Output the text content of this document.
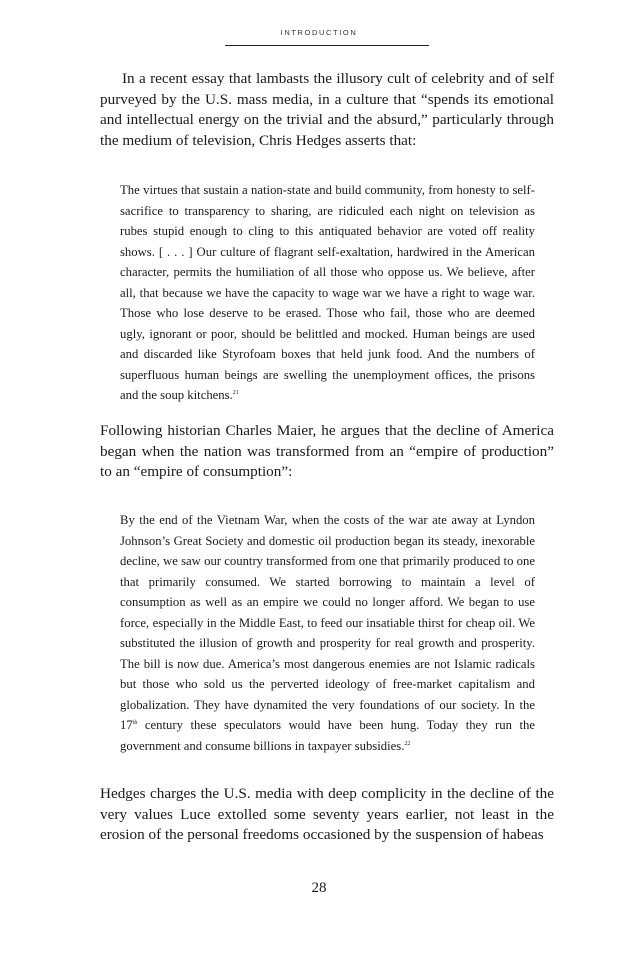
INTRODUCTION

In a recent essay that lambasts the illusory cult of celebrity and of self purveyed by the U.S. mass media, in a culture that “spends its emotional and intellectual energy on the trivial and the absurd,” particularly through the medium of television, Chris Hedges asserts that:

The virtues that sustain a nation-state and build community, from honesty to self-sacrifice to transparency to sharing, are ridiculed each night on television as rubes stupid enough to cling to this antiquated behavior are voted off reality shows. [ . . . ] Our culture of flagrant self-exaltation, hardwired in the American character, permits the humiliation of all those who oppose us. We believe, after all, that because we have the capacity to wage war we have a right to wage war. Those who lose deserve to be erased. Those who fail, those who are deemed ugly, ignorant or poor, should be belittled and mocked. Human beings are used and discarded like Styrofoam boxes that held junk food. And the numbers of superfluous human beings are swelling the unemployment offices, the prisons and the soup kitchens.$^{21}$

Following historian Charles Maier, he argues that the decline of America began when the nation was transformed from an “empire of production” to an “empire of consumption”:

By the end of the Vietnam War, when the costs of the war ate away at Lyndon Johnson’s Great Society and domestic oil production began its steady, inexorable decline, we saw our country transformed from one that primarily produced to one that primarily consumed. We started borrowing to maintain a level of consumption as well as an empire we could no longer afford. We began to use force, especially in the Middle East, to feed our insatiable thirst for cheap oil. We substituted the illusion of growth and prosperity for real growth and prosperity. The bill is now due. America’s most dangerous enemies are not Islamic radicals but those who sold us the perverted ideology of free-market capitalism and globalization. They have dynamited the very foundations of our society. In the 17th century these speculators would have been hung. Today they run the government and consume billions in taxpayer subsidies.$^{22}$

Hedges charges the U.S. media with deep complicity in the decline of the very values Luce extolled some seventy years earlier, not least in the erosion of the personal freedoms occasioned by the suspension of habeas

28
